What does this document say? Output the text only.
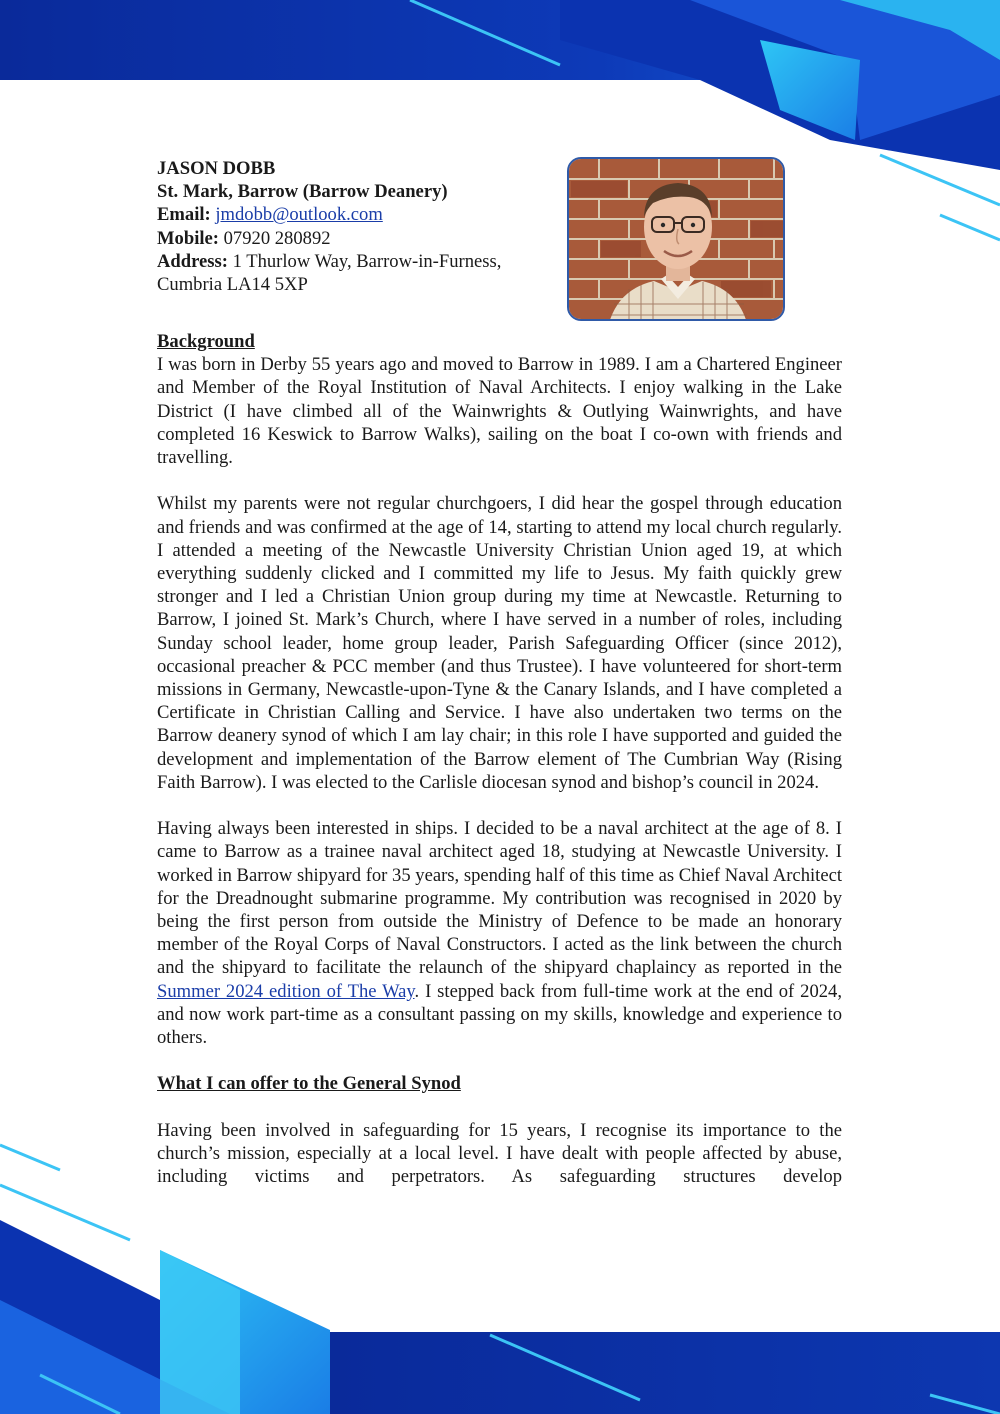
JASON DOBB
St. Mark, Barrow (Barrow Deanery)
Email: jmdobb@outlook.com
Mobile: 07920 280892
Address: 1 Thurlow Way, Barrow-in-Furness,
Cumbria LA14 5XP
Background

I was born in Derby 55 years ago and moved to Barrow in 1989. I am a Chartered Engineer and Member of the Royal Institution of Naval Architects. I enjoy walking in the Lake District (I have climbed all of the Wainwrights & Outlying Wainwrights, and have completed 16 Keswick to Barrow Walks), sailing on the boat I co-own with friends and travelling.

Whilst my parents were not regular churchgoers, I did hear the gospel through education and friends and was confirmed at the age of 14, starting to attend my local church regularly. I attended a meeting of the Newcastle University Christian Union aged 19, at which everything suddenly clicked and I committed my life to Jesus. My faith quickly grew stronger and I led a Christian Union group during my time at Newcastle. Returning to Barrow, I joined St. Mark’s Church, where I have served in a number of roles, including Sunday school leader, home group leader, Parish Safeguarding Officer (since 2012), occasional preacher & PCC member (and thus Trustee). I have volunteered for short-term missions in Germany, Newcastle-upon-Tyne & the Canary Islands, and I have completed a Certificate in Christian Calling and Service. I have also undertaken two terms on the Barrow deanery synod of which I am lay chair; in this role I have supported and guided the development and implementation of the Barrow element of The Cumbrian Way (Rising Faith Barrow). I was elected to the Carlisle diocesan synod and bishop’s council in 2024.

Having always been interested in ships. I decided to be a naval architect at the age of 8. I came to Barrow as a trainee naval architect aged 18, studying at Newcastle University. I worked in Barrow shipyard for 35 years, spending half of this time as Chief Naval Architect for the Dreadnought submarine programme. My contribution was recognised in 2020 by being the first person from outside the Ministry of Defence to be made an honorary member of the Royal Corps of Naval Constructors. I acted as the link between the church and the shipyard to facilitate the relaunch of the shipyard chaplaincy as reported in the Summer 2024 edition of The Way. I stepped back from full-time work at the end of 2024, and now work part-time as a consultant passing on my skills, knowledge and experience to others.

What I can offer to the General Synod

Having been involved in safeguarding for 15 years, I recognise its importance to the church’s mission, especially at a local level. I have dealt with people affected by abuse, including victims and perpetrators. As safeguarding structures develop
